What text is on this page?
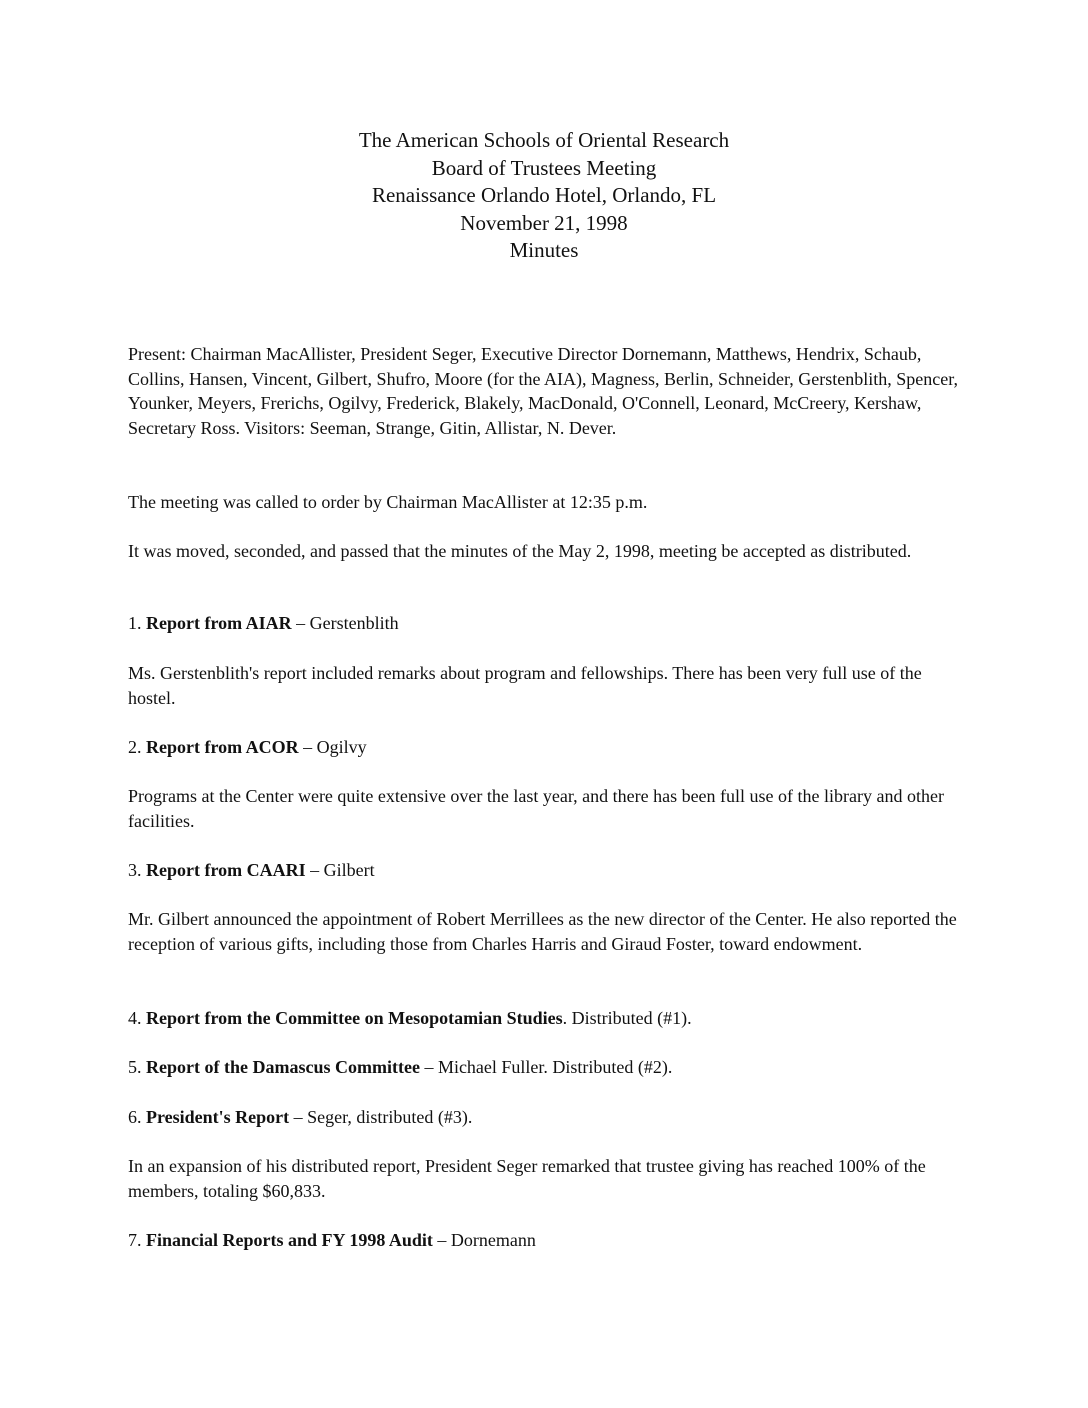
The American Schools of Oriental Research
Board of Trustees Meeting
Renaissance Orlando Hotel, Orlando, FL
November 21, 1998
Minutes

Present: Chairman MacAllister, President Seger, Executive Director Dornemann, Matthews, Hendrix, Schaub, Collins, Hansen, Vincent, Gilbert, Shufro, Moore (for the AIA), Magness, Berlin, Schneider, Gerstenblith, Spencer, Younker, Meyers, Frerichs, Ogilvy, Frederick, Blakely, MacDonald, O'Connell, Leonard, McCreery, Kershaw, Secretary Ross. Visitors: Seeman, Strange, Gitin, Allistar, N. Dever.

The meeting was called to order by Chairman MacAllister at 12:35 p.m.

It was moved, seconded, and passed that the minutes of the May 2, 1998, meeting be accepted as distributed.

1. Report from AIAR – Gerstenblith

Ms. Gerstenblith's report included remarks about program and fellowships. There has been very full use of the hostel.

2. Report from ACOR – Ogilvy

Programs at the Center were quite extensive over the last year, and there has been full use of the library and other facilities.

3. Report from CAARI – Gilbert

Mr. Gilbert announced the appointment of Robert Merrillees as the new director of the Center. He also reported the reception of various gifts, including those from Charles Harris and Giraud Foster, toward endowment.

4. Report from the Committee on Mesopotamian Studies. Distributed (#1).

5. Report of the Damascus Committee – Michael Fuller. Distributed (#2).

6. President's Report – Seger, distributed (#3).

In an expansion of his distributed report, President Seger remarked that trustee giving has reached 100% of the members, totaling $60,833.

7. Financial Reports and FY 1998 Audit – Dornemann
